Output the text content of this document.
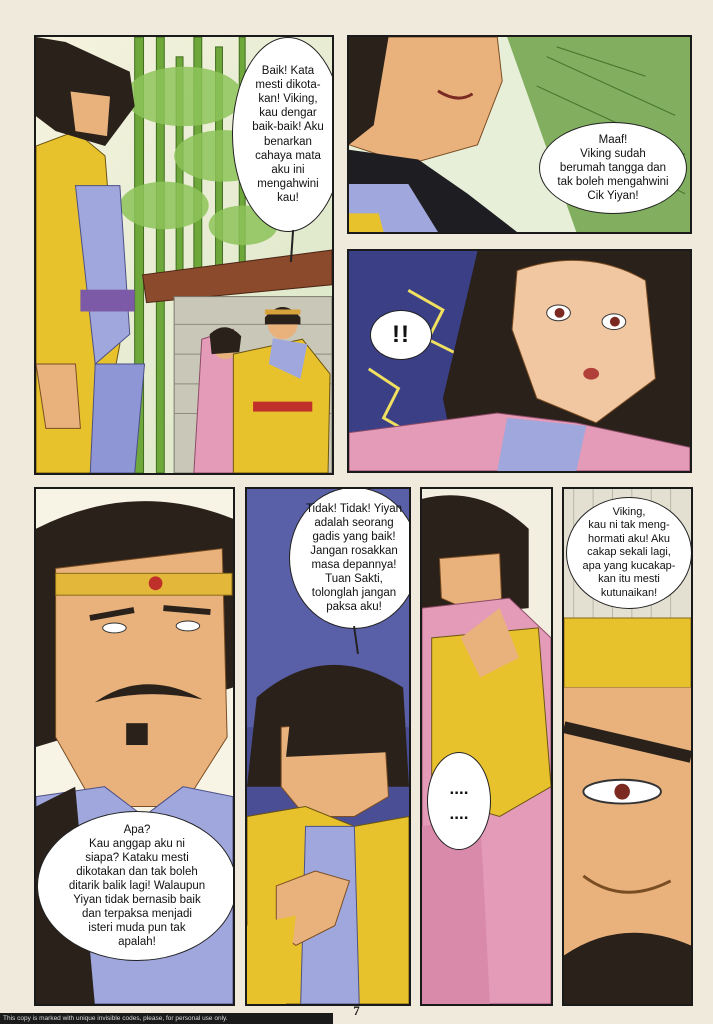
Baik! Kata
mesti dikota-
kan! Viking,
kau dengar
baik-baik! Aku
benarkan
cahaya mata
aku ini
mengahwini
kau!
Maaf!
Viking sudah
berumah tangga dan
tak boleh mengahwini
Cik Yiyan!
!!
Apa?
Kau anggap aku ni
siapa? Kataku mesti
dikotakan dan tak boleh
ditarik balik lagi! Walaupun
Yiyan tidak bernasib baik
dan terpaksa menjadi
isteri muda pun tak
apalah!
Tidak! Tidak! Yiyan
adalah seorang
gadis yang baik!
Jangan rosakkan
masa depannya!
Tuan Sakti,
tolonglah jangan
paksa aku!
....
....
Viking,
kau ni tak meng-
hormati aku! Aku
cakap sekali lagi,
apa yang kucakap-
kan itu mesti
kutunaikan!
7
This copy is marked with unique invisible codes, please, for personal use only.
